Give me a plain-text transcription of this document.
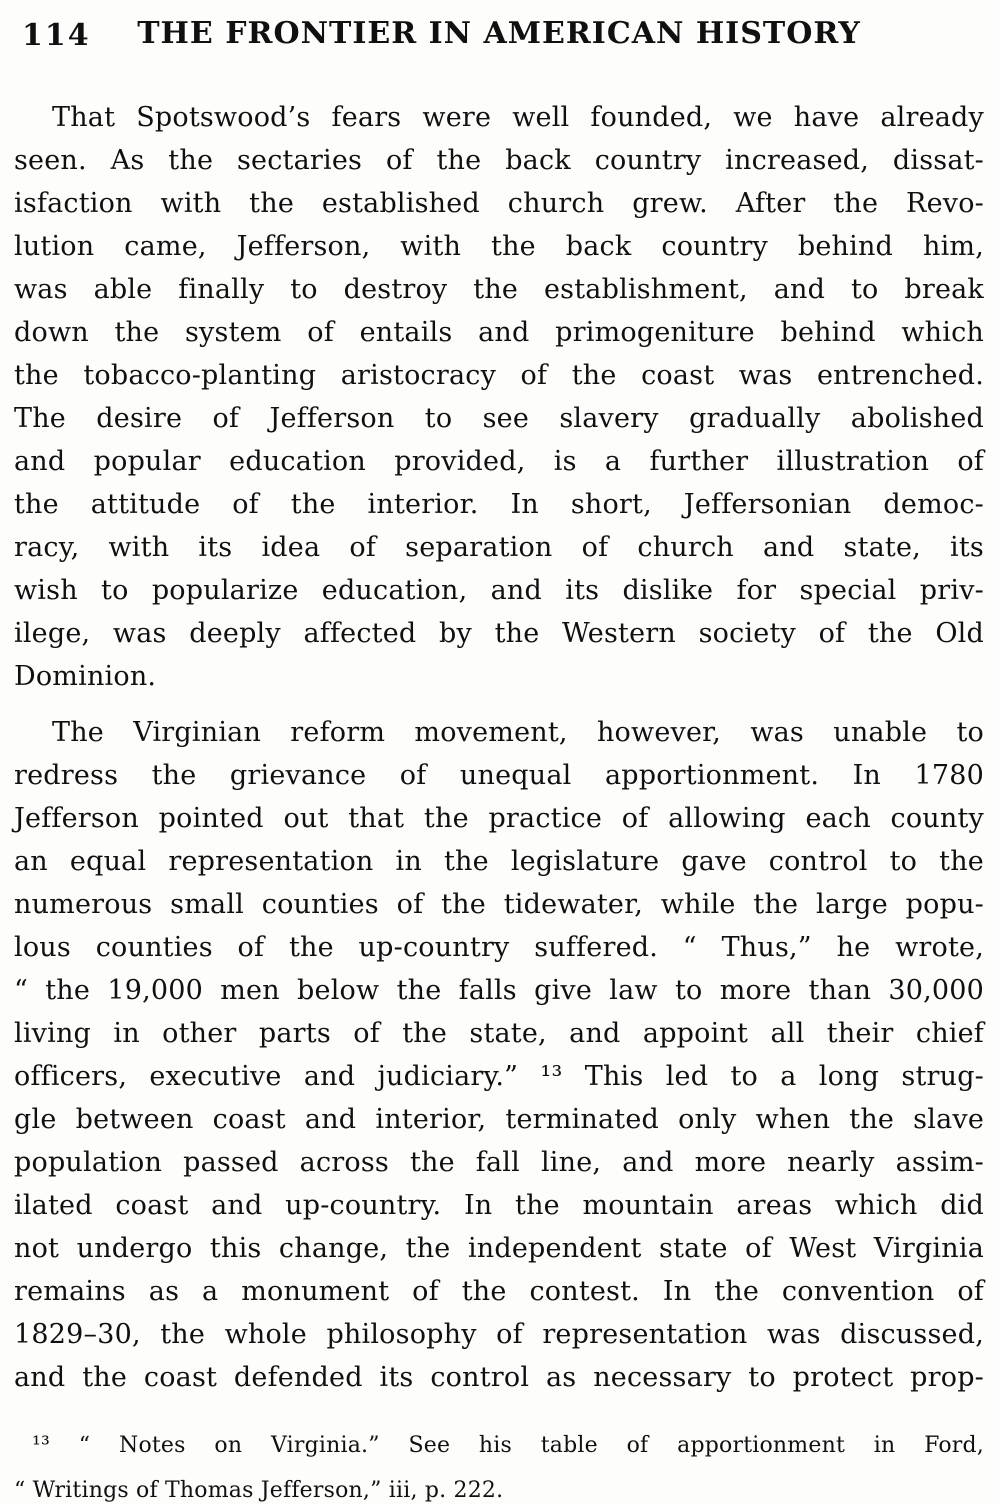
114	THE FRONTIER IN AMERICAN HISTORY
That Spotswood’s fears were well founded, we have already
seen. As the sectaries of the back country increased, dissat-
isfaction with the established church grew. After the Revo-
lution came, Jefferson, with the back country behind him,
was able finally to destroy the establishment, and to break
down the system of entails and primogeniture behind which
the tobacco-planting aristocracy of the coast was entrenched.
The desire of Jefferson to see slavery gradually abolished
and popular education provided, is a further illustration of
the attitude of the interior. In short, Jeffersonian democ-
racy, with its idea of separation of church and state, its
wish to popularize education, and its dislike for special priv-
ilege, was deeply affected by the Western society of the Old
Dominion.
The Virginian reform movement, however, was unable to
redress the grievance of unequal apportionment. In 1780
Jefferson pointed out that the practice of allowing each county
an equal representation in the legislature gave control to the
numerous small counties of the tidewater, while the large popu-
lous counties of the up-country suffered. “ Thus,” he wrote,
“ the 19,000 men below the falls give law to more than 30,000
living in other parts of the state, and appoint all their chief
officers, executive and judiciary.” ¹³ This led to a long strug-
gle between coast and interior, terminated only when the slave
population passed across the fall line, and more nearly assim-
ilated coast and up-country. In the mountain areas which did
not undergo this change, the independent state of West Virginia
remains as a monument of the contest. In the convention of
1829–30, the whole philosophy of representation was discussed,
and the coast defended its control as necessary to protect prop-
¹³ “ Notes on Virginia.” See his table of apportionment in Ford,
“ Writings of Thomas Jefferson,” iii, p. 222.
